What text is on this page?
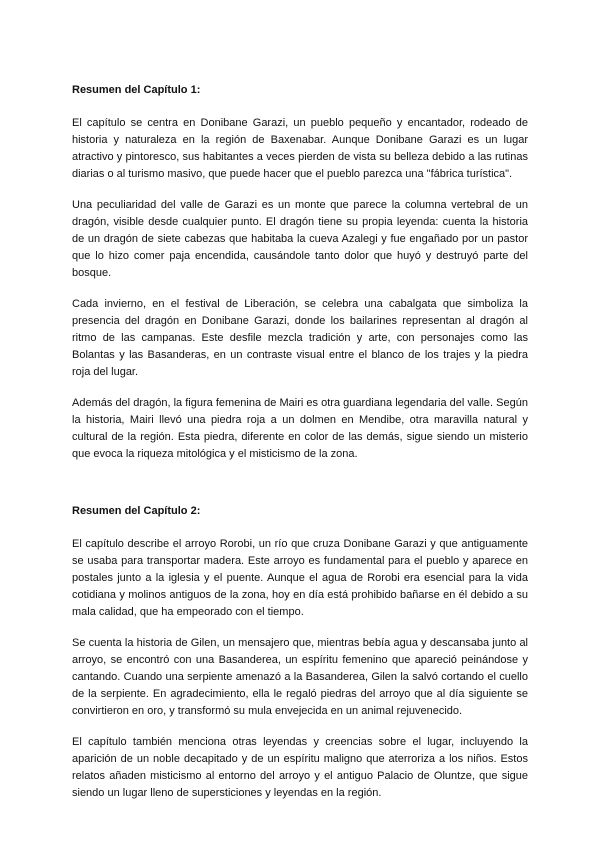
Resumen del Capítulo 1:

El capítulo se centra en Donibane Garazi, un pueblo pequeño y encantador, rodeado de historia y naturaleza en la región de Baxenabar. Aunque Donibane Garazi es un lugar atractivo y pintoresco, sus habitantes a veces pierden de vista su belleza debido a las rutinas diarias o al turismo masivo, que puede hacer que el pueblo parezca una "fábrica turística".

Una peculiaridad del valle de Garazi es un monte que parece la columna vertebral de un dragón, visible desde cualquier punto. El dragón tiene su propia leyenda: cuenta la historia de un dragón de siete cabezas que habitaba la cueva Azalegi y fue engañado por un pastor que lo hizo comer paja encendida, causándole tanto dolor que huyó y destruyó parte del bosque.

Cada invierno, en el festival de Liberación, se celebra una cabalgata que simboliza la presencia del dragón en Donibane Garazi, donde los bailarines representan al dragón al ritmo de las campanas. Este desfile mezcla tradición y arte, con personajes como las Bolantas y las Basanderas, en un contraste visual entre el blanco de los trajes y la piedra roja del lugar.

Además del dragón, la figura femenina de Mairi es otra guardiana legendaria del valle. Según la historia, Mairi llevó una piedra roja a un dolmen en Mendibe, otra maravilla natural y cultural de la región. Esta piedra, diferente en color de las demás, sigue siendo un misterio que evoca la riqueza mitológica y el misticismo de la zona.

Resumen del Capítulo 2:

El capítulo describe el arroyo Rorobi, un río que cruza Donibane Garazi y que antiguamente se usaba para transportar madera. Este arroyo es fundamental para el pueblo y aparece en postales junto a la iglesia y el puente. Aunque el agua de Rorobi era esencial para la vida cotidiana y molinos antiguos de la zona, hoy en día está prohibido bañarse en él debido a su mala calidad, que ha empeorado con el tiempo.

Se cuenta la historia de Gilen, un mensajero que, mientras bebía agua y descansaba junto al arroyo, se encontró con una Basanderea, un espíritu femenino que apareció peinándose y cantando. Cuando una serpiente amenazó a la Basanderea, Gilen la salvó cortando el cuello de la serpiente. En agradecimiento, ella le regaló piedras del arroyo que al día siguiente se convirtieron en oro, y transformó su mula envejecida en un animal rejuvenecido.

El capítulo también menciona otras leyendas y creencias sobre el lugar, incluyendo la aparición de un noble decapitado y de un espíritu maligno que aterroriza a los niños. Estos relatos añaden misticismo al entorno del arroyo y el antiguo Palacio de Oluntze, que sigue siendo un lugar lleno de supersticiones y leyendas en la región.
